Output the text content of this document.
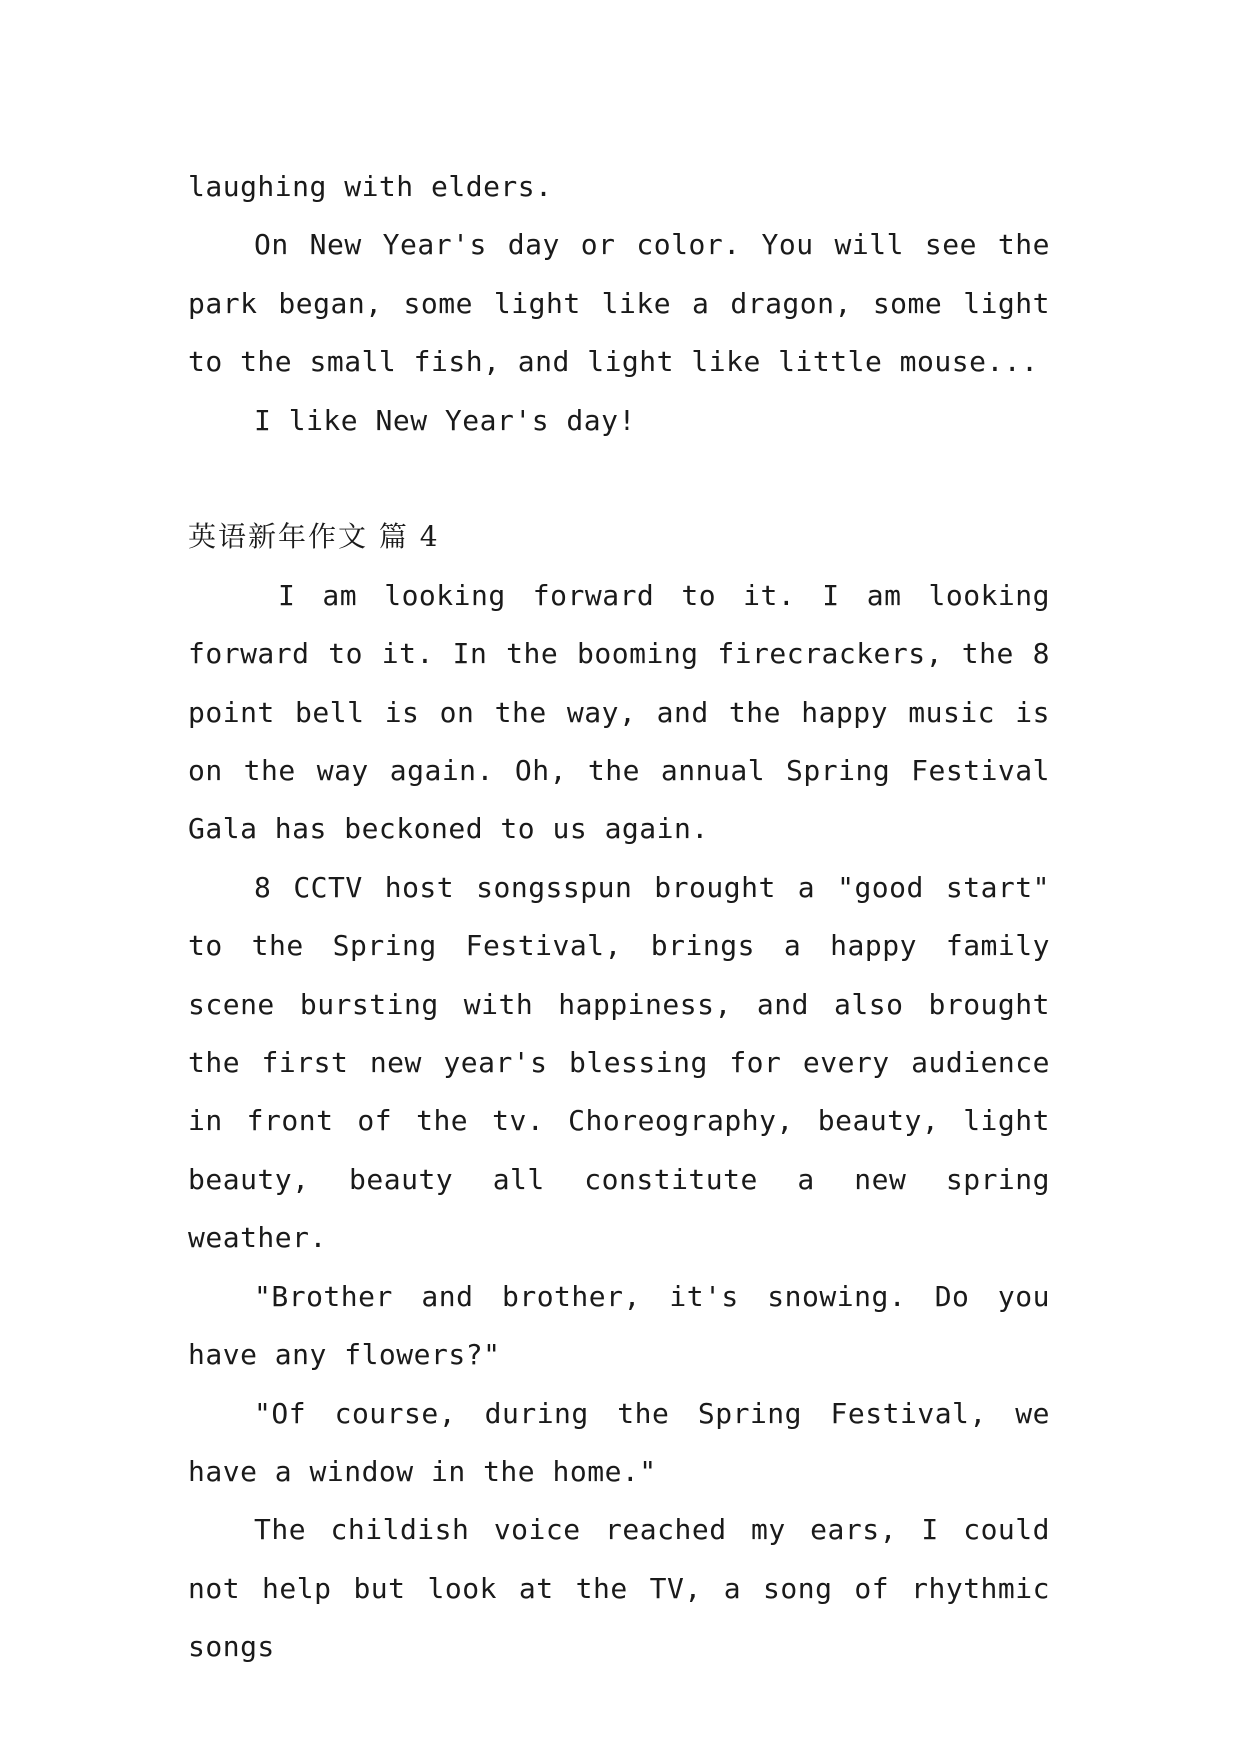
laughing with elders.

On New Year's day or color. You will see the park began, some light like a dragon, some light to the small fish, and light like little mouse...

I like New Year's day!

英语新年作文 篇 4

I am looking forward to it. I am looking forward to it. In the booming firecrackers, the 8 point bell is on the way, and the happy music is on the way again. Oh, the annual Spring Festival Gala has beckoned to us again.

8 CCTV host songsspun brought a "good start" to the Spring Festival, brings a happy family scene bursting with happiness, and also brought the first new year's blessing for every audience in front of the tv. Choreography, beauty, light beauty, beauty all constitute a new spring weather.

"Brother and brother, it's snowing. Do you have any flowers?"

"Of course, during the Spring Festival, we have a window in the home."

The childish voice reached my ears, I could not help but look at the TV, a song of rhythmic songs
